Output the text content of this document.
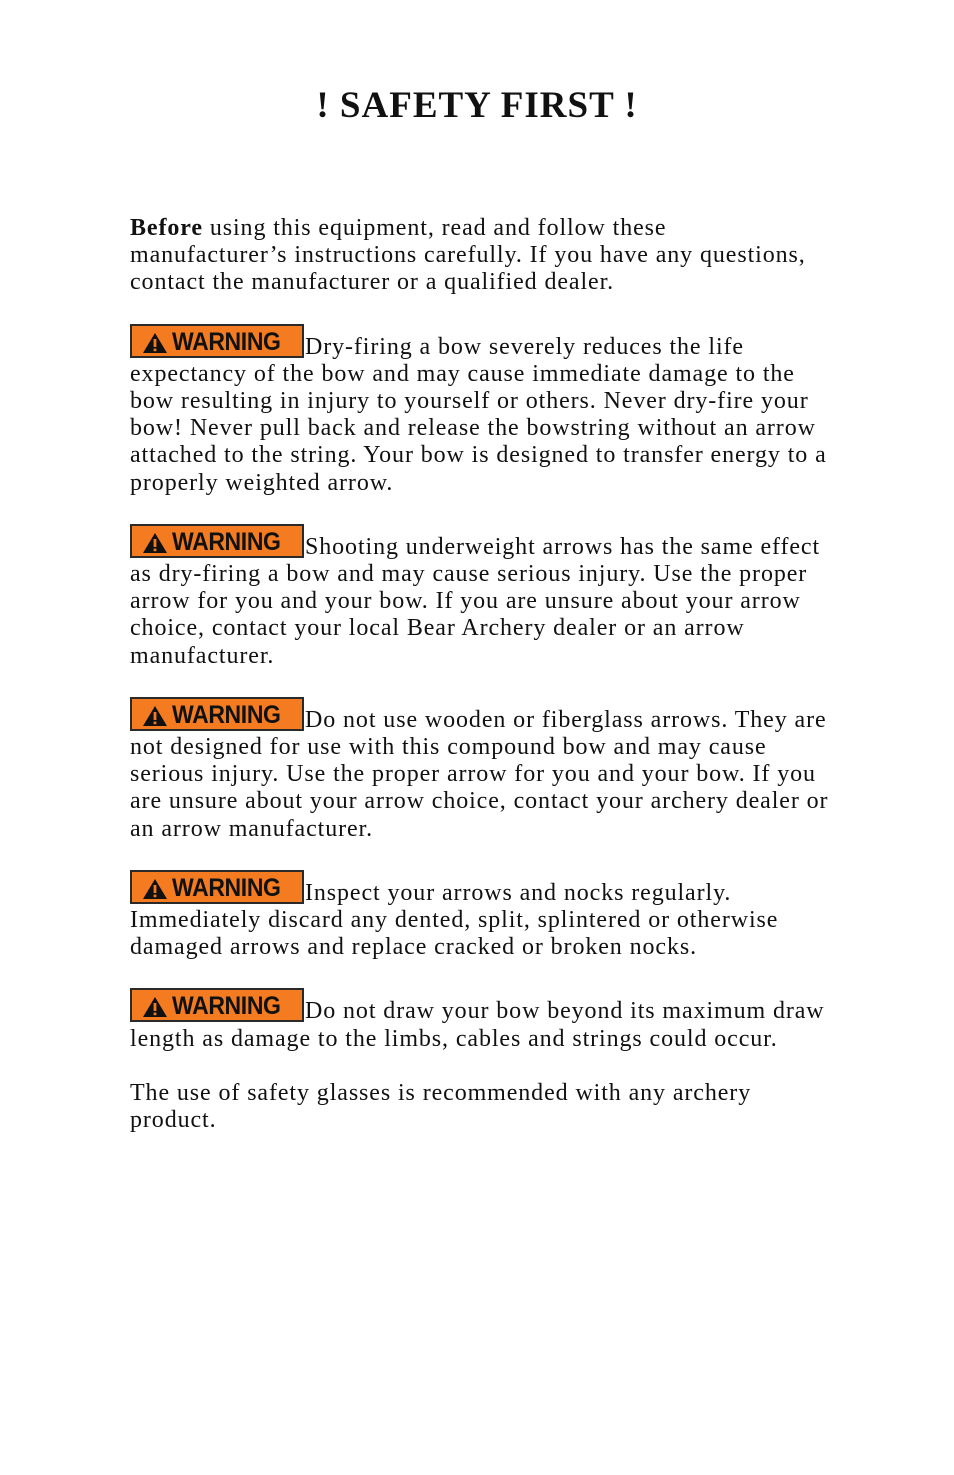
! SAFETY FIRST !

Before using this equipment, read and follow these manufacturer’s instructions carefully. If you have any questions, contact the manufacturer or a qualified dealer.

WARNING Dry-firing a bow severely reduces the life expectancy of the bow and may cause immediate damage to the bow resulting in injury to yourself or others. Never dry-fire your bow! Never pull back and release the bowstring without an arrow attached to the string. Your bow is designed to transfer energy to a properly weighted arrow.

WARNING Shooting underweight arrows has the same effect as dry-firing a bow and may cause serious injury. Use the proper arrow for you and your bow. If you are unsure about your arrow choice, contact your local Bear Archery dealer or an arrow manufacturer.

WARNING Do not use wooden or fiberglass arrows. They are not designed for use with this compound bow and may cause serious injury. Use the proper arrow for you and your bow. If you are unsure about your arrow choice, contact your archery dealer or an arrow manufacturer.

WARNING Inspect your arrows and nocks regularly. Immediately discard any dented, split, splintered or otherwise damaged arrows and replace cracked or broken nocks.

WARNING Do not draw your bow beyond its maximum draw length as damage to the limbs, cables and strings could occur.

The use of safety glasses is recommended with any archery product.
